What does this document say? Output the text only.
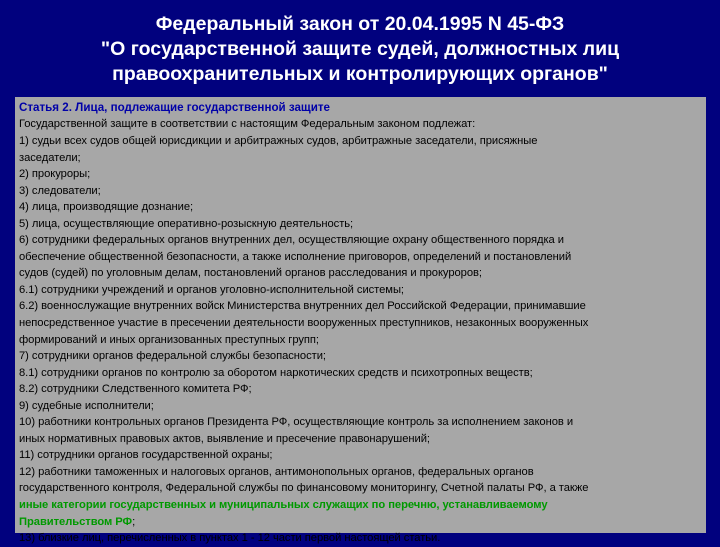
Федеральный закон от 20.04.1995 N 45-ФЗ
"О государственной защите судей, должностных лиц
правоохранительных и контролирующих органов"
Статья 2. Лица, подлежащие государственной защите

Государственной защите в соответствии с настоящим Федеральным законом подлежат:

1) судьи всех судов общей юрисдикции и арбитражных судов, арбитражные заседатели, присяжные

заседатели;

2) прокуроры;

3) следователи;

4) лица, производящие дознание;

5) лица, осуществляющие оперативно-розыскную деятельность;

6) сотрудники федеральных органов внутренних дел, осуществляющие охрану общественного порядка и

обеспечение общественной безопасности, а также исполнение приговоров, определений и постановлений

судов (судей) по уголовным делам, постановлений органов расследования и прокуроров;

6.1) сотрудники учреждений и органов уголовно-исполнительной системы;

6.2) военнослужащие внутренних войск Министерства внутренних дел Российской Федерации, принимавшие

непосредственное участие в пресечении деятельности вооруженных преступников, незаконных вооруженных

формирований и иных организованных преступных групп;

7) сотрудники органов федеральной службы безопасности;

8.1) сотрудники органов по контролю за оборотом наркотических средств и психотропных веществ;

8.2) сотрудники Следственного комитета РФ;

9) судебные исполнители;

10) работники контрольных органов Президента РФ, осуществляющие контроль за исполнением законов и

иных нормативных правовых актов, выявление и пресечение правонарушений;

11) сотрудники органов государственной охраны;

12) работники таможенных и налоговых органов, антимонопольных органов, федеральных органов

государственного контроля, Федеральной службы по финансовому мониторингу, Счетной палаты РФ, а также

иные категории государственных и муниципальных служащих по перечню, устанавливаемому

Правительством РФ;

13) близкие лиц, перечисленных в пунктах 1 - 12 части первой настоящей статьи.
